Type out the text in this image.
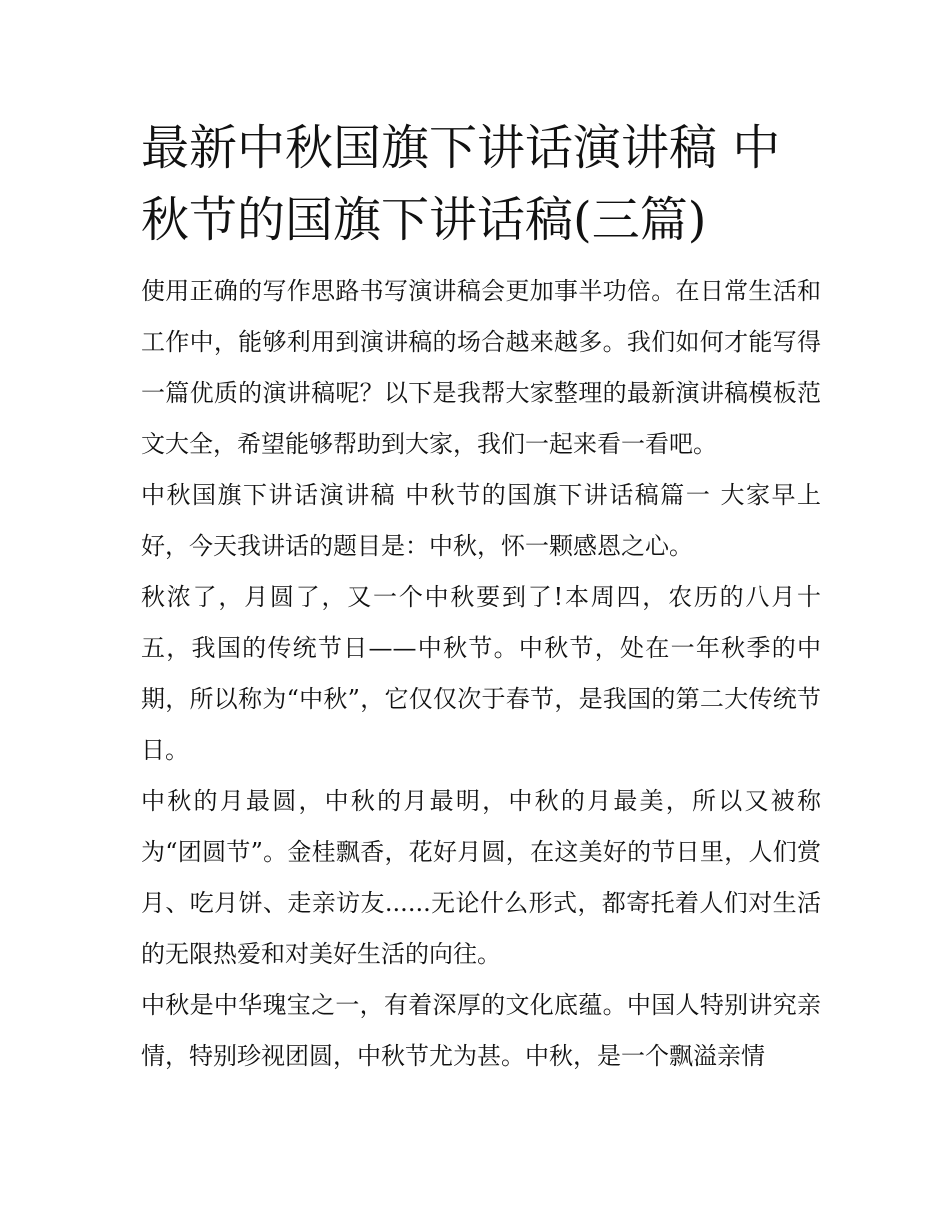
最新中秋国旗下讲话演讲稿 中秋节的国旗下讲话稿(三篇)

使用正确的写作思路书写演讲稿会更加事半功倍。在日常生活和工作中，能够利用到演讲稿的场合越来越多。我们如何才能写得一篇优质的演讲稿呢？以下是我帮大家整理的最新演讲稿模板范文大全，希望能够帮助到大家，我们一起来看一看吧。

中秋国旗下讲话演讲稿 中秋节的国旗下讲话稿篇一 大家早上好，今天我讲话的题目是：中秋，怀一颗感恩之心。

秋浓了，月圆了，又一个中秋要到了!本周四，农历的八月十五，我国的传统节日——中秋节。中秋节，处在一年秋季的中期，所以称为“中秋”，它仅仅次于春节，是我国的第二大传统节日。

中秋的月最圆，中秋的月最明，中秋的月最美，所以又被称为“团圆节”。金桂飘香，花好月圆，在这美好的节日里，人们赏月、吃月饼、走亲访友......无论什么形式，都寄托着人们对生活的无限热爱和对美好生活的向往。

中秋是中华瑰宝之一，有着深厚的文化底蕴。中国人特别讲究亲情，特别珍视团圆，中秋节尤为甚。中秋，是一个飘溢亲情
